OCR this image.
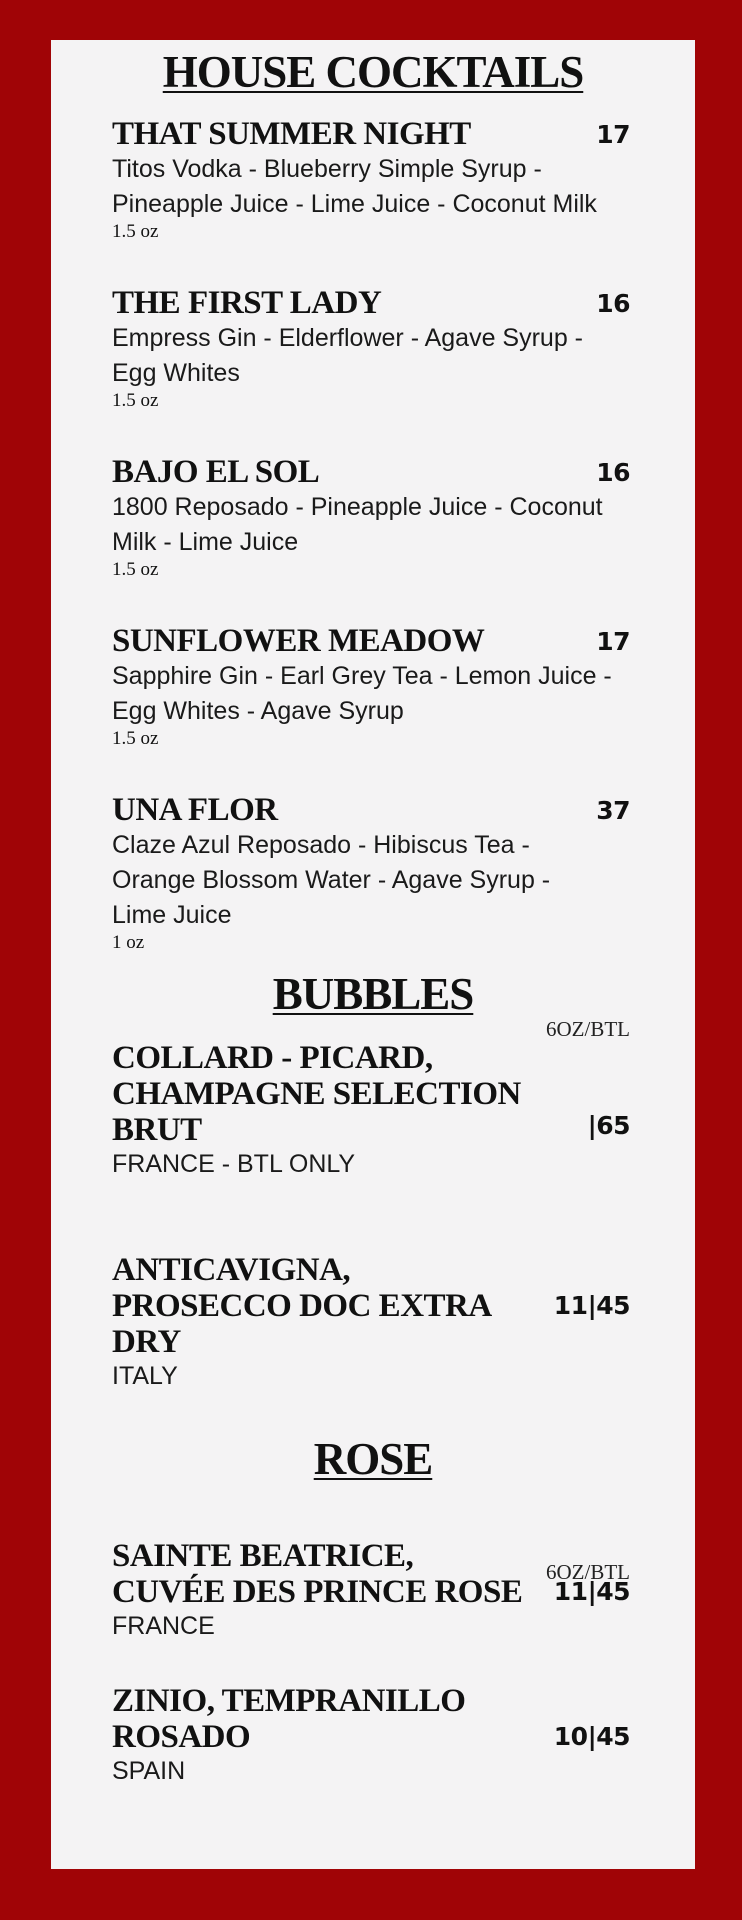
HOUSE COCKTAILS
THAT SUMMER NIGHT
Titos Vodka - Blueberry Simple Syrup - Pineapple Juice - Lime Juice - Coconut Milk
1.5 oz
17
THE FIRST LADY
Empress Gin - Elderflower - Agave Syrup - Egg Whites
1.5 oz
16
BAJO EL SOL
1800 Reposado - Pineapple Juice - Coconut Milk - Lime Juice
1.5 oz
16
SUNFLOWER MEADOW
Sapphire Gin - Earl Grey Tea - Lemon Juice - Egg Whites - Agave Syrup
1.5 oz
17
UNA FLOR
Claze Azul Reposado - Hibiscus Tea - Orange Blossom Water - Agave Syrup - Lime Juice
1 oz
37
BUBBLES
6OZ/BTL
COLLARD - PICARD, CHAMPAGNE SELECTION BRUT
FRANCE - BTL ONLY
|65
ANTICAVIGNA, PROSECCO DOC EXTRA DRY
ITALY
11|45
ROSE
6OZ/BTL
SAINTE BEATRICE, CUVÉE DES PRINCE ROSE
FRANCE
11|45
ZINIO, TEMPRANILLO ROSADO
SPAIN
10|45
